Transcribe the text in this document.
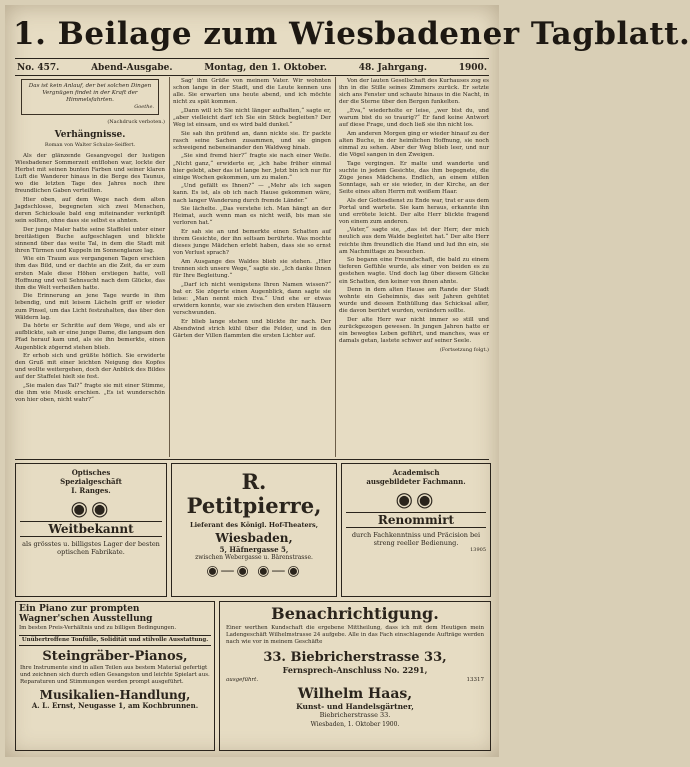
1. Beilage zum Wiesbadener Tagblatt.
No. 457.	Abend-Ausgabe.	Montag, den 1. Oktober.	48. Jahrgang.	1900.
Das ist kein Anlauf, der bei solchen Dingen
Vergnügen findet in der Kraft der Himmelsfahrten.
Goethe.
(Nachdruck verboten.)
Verhängnisse.
Roman von Walter Schulze-Seiffert.

Als der glänzende Gesangvogel der lustigen Wiesbadener Sommerzeit entflohen war, lockte der Herbst mit seinen bunten Farben und seiner klaren Luft die Wanderer hinaus in die Berge des Taunus, wo die letzten Tage des Jahres noch ihre freundlichen Gaben verteilten.

Hier oben, auf dem Wege nach dem alten Jagdschlosse, begegneten sich zwei Menschen, deren Schicksale bald eng miteinander verknüpft sein sollten, ohne dass sie selbst es ahnten.

Der junge Maler hatte seine Staffelei unter einer breitästigen Buche aufgeschlagen und blickte sinnend über das weite Tal, in dem die Stadt mit ihren Türmen und Kuppeln im Sonnenglanze lag.

Wie ein Traum aus vergangenen Tagen erschien ihm das Bild, und er dachte an die Zeit, da er zum ersten Male diese Höhen erstiegen hatte, voll Hoffnung und voll Sehnsucht nach dem Glücke, das ihm die Welt verheißen hatte.

Die Erinnerung an jene Tage wurde in ihm lebendig, und mit leisem Lächeln griff er wieder zum Pinsel, um das Licht festzuhalten, das über den Wäldern lag.

Da hörte er Schritte auf dem Wege, und als er aufblickte, sah er eine junge Dame, die langsam den Pfad herauf kam und, als sie ihn bemerkte, einen Augenblick zögernd stehen blieb.

Er erhob sich und grüßte höflich. Sie erwiderte den Gruß mit einer leichten Neigung des Kopfes und wollte weitergehen, doch der Anblick des Bildes auf der Staffelei hielt sie fest.

„Sie malen das Tal?“ fragte sie mit einer Stimme, die ihm wie Musik erschien. „Es ist wunderschön von hier oben, nicht wahr?“

Sag' ihm Grüße von meinem Vater. Wir wohnten schon lange in der Stadt, und die Leute kennen uns alle. Sie erwarten uns heute abend, und ich möchte nicht zu spät kommen.

„Dann will ich Sie nicht länger aufhalten,“ sagte er, „aber vielleicht darf ich Sie ein Stück begleiten? Der Weg ist einsam, und es wird bald dunkel.“

Sie sah ihn prüfend an, dann nickte sie. Er packte rasch seine Sachen zusammen, und sie gingen schweigend nebeneinander den Waldweg hinab.

„Sie sind fremd hier?“ fragte sie nach einer Weile. „Nicht ganz,“ erwiderte er, „ich habe früher einmal hier gelebt, aber das ist lange her. Jetzt bin ich nur für einige Wochen gekommen, um zu malen.“

„Und gefällt es Ihnen?“ — „Mehr als ich sagen kann. Es ist, als ob ich nach Hause gekommen wäre, nach langer Wanderung durch fremde Länder.“

Sie lächelte. „Das verstehe ich. Man hängt an der Heimat, auch wenn man es nicht weiß, bis man sie verloren hat.“

Er sah sie an und bemerkte einen Schatten auf ihrem Gesichte, der ihn seltsam berührte. Was mochte dieses junge Mädchen erlebt haben, dass sie so ernst von Verlust sprach?

Am Ausgange des Waldes blieb sie stehen. „Hier trennen sich unsere Wege,“ sagte sie. „Ich danke Ihnen für Ihre Begleitung.“

„Darf ich nicht wenigstens Ihren Namen wissen?“ bat er. Sie zögerte einen Augenblick, dann sagte sie leise: „Man nennt mich Eva.“ Und ehe er etwas erwidern konnte, war sie zwischen den ersten Häusern verschwunden.

Er blieb lange stehen und blickte ihr nach. Der Abendwind strich kühl über die Felder, und in den Gärten der Villen flammten die ersten Lichter auf.

Von der lauten Gesellschaft des Kurhauses zog es ihn in die Stille seines Zimmers zurück. Er setzte sich ans Fenster und schaute hinaus in die Nacht, in der die Sterne über den Bergen funkelten.

„Eva,“ wiederholte er leise, „wer bist du, und warum bist du so traurig?“ Er fand keine Antwort auf diese Frage, und doch ließ sie ihn nicht los.

Am anderen Morgen ging er wieder hinauf zu der alten Buche, in der heimlichen Hoffnung, sie noch einmal zu sehen. Aber der Weg blieb leer, und nur die Vögel sangen in den Zweigen.

Tage vergingen. Er malte und wanderte und suchte in jedem Gesichte, das ihm begegnete, die Züge jenes Mädchens. Endlich, an einem stillen Sonntage, sah er sie wieder, in der Kirche, an der Seite eines alten Herrn mit weißem Haar.

Als der Gottesdienst zu Ende war, trat er aus dem Portal und wartete. Sie kam heraus, erkannte ihn und errötete leicht. Der alte Herr blickte fragend von einem zum anderen.

„Vater,“ sagte sie, „das ist der Herr, der mich neulich aus dem Walde begleitet hat.“ Der alte Herr reichte ihm freundlich die Hand und lud ihn ein, sie am Nachmittage zu besuchen.

So begann eine Freundschaft, die bald zu einem tieferen Gefühle wurde, als einer von beiden es zu gestehen wagte. Und doch lag über diesem Glücke ein Schatten, den keiner von ihnen ahnte.

Denn in dem alten Hause am Rande der Stadt wohnte ein Geheimnis, das seit Jahren gehütet wurde und dessen Enthüllung das Schicksal aller, die davon berührt wurden, verändern sollte.

Der alte Herr war nicht immer so still und zurückgezogen gewesen. In jungen Jahren hatte er ein bewegtes Leben geführt, und manches, was er damals getan, lastete schwer auf seiner Seele.

(Fortsetzung folgt.)
Optisches
Spezialgeschäft
I. Ranges.
◉◉
Weitbekannt
als grösstes u. billigstes Lager der besten optischen Fabrikate.
R. Petitpierre,
Lieferant des Königl. Hof-Theaters,
Wiesbaden,
5, Häfnergasse 5,
zwischen Webergasse u. Bärenstrasse.
◉—◉ ◉—◉
Academisch
ausgebildeter Fachmann.
◉◉
Renommirt
durch Fachkenntniss und Präcision bei streng reeller Bedienung.
13905
Ein Piano zur prompten Wagner'schen Ausstellung
Im besten Preis-Verhältnis und zu billigen Bedingungen.
Unübertroffene Tonfülle, Solidität und stilvolle Ausstattung.
Steingräber-Pianos,
Ihre Instrumente sind in allen Teilen aus bestem Material gefertigt und zeichnen sich durch edlen Gesangston und leichte Spielart aus. Reparaturen und Stimmungen werden prompt ausgeführt.
Musikalien-Handlung,
A. L. Ernst, Neugasse 1, am Kochbrunnen.
Benachrichtigung.
Einer werthen Kundschaft die ergebene Mittheilung, dass ich mit dem Heutigen mein Ladengeschäft Wilhelmstrasse 24 aufgebe. Alle in das Fach einschlagende Aufträge werden nach wie vor in meinem Geschäfte
33. Biebricherstrasse 33,
Fernsprech-Anschluss No. 2291,
13317
ausgeführt.
Wilhelm Haas,
Kunst- und Handelsgärtner,
Biebricherstrasse 33.
Wiesbaden, 1. Oktober 1900.
